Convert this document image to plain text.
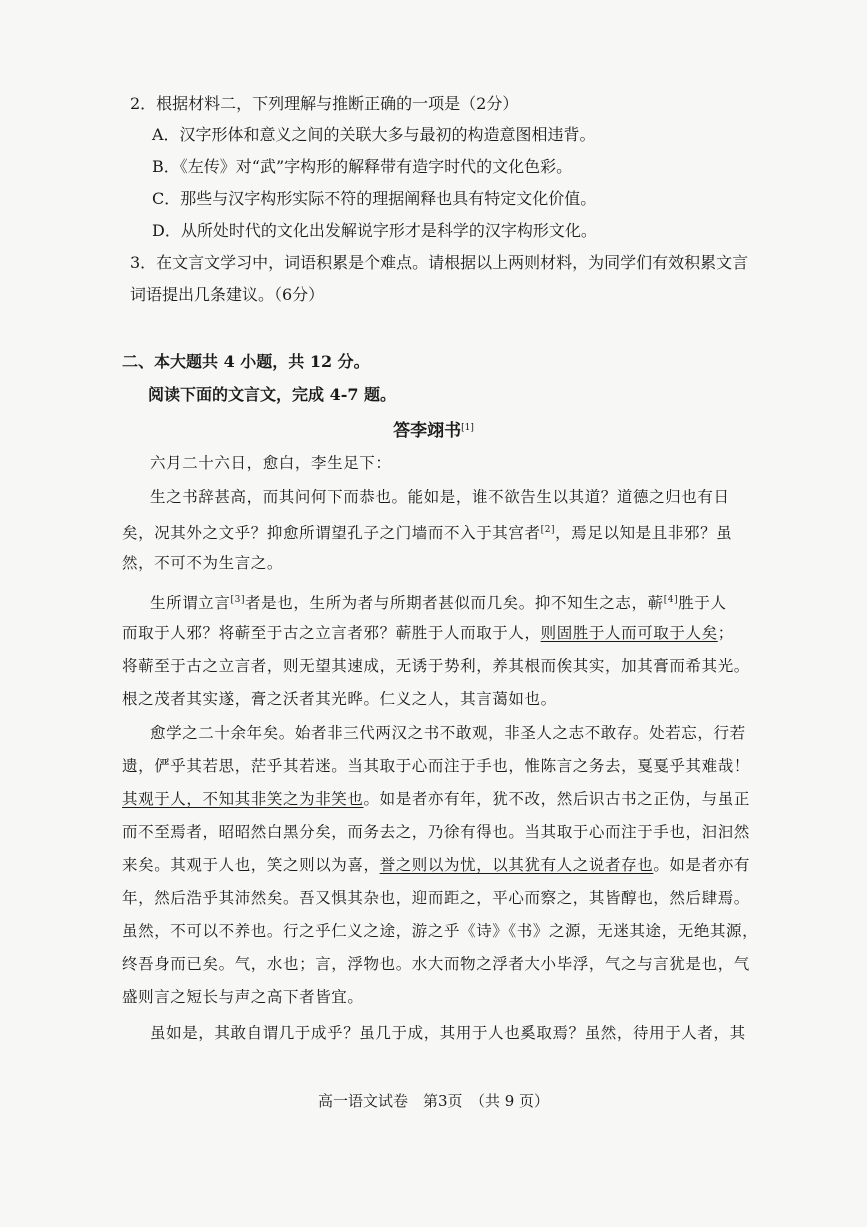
2．根据材料二，下列理解与推断正确的一项是（2分）
A．汉字形体和意义之间的关联大多与最初的构造意图相违背。
B．《左传》对“武”字构形的解释带有造字时代的文化色彩。
C．那些与汉字构形实际不符的理据阐释也具有特定文化价值。
D．从所处时代的文化出发解说字形才是科学的汉字构形文化。
3．在文言文学习中，词语积累是个难点。请根据以上两则材料，为同学们有效积累文言
词语提出几条建议。（6分）
二、本大题共 4 小题，共 12 分。
阅读下面的文言文，完成 4-7 题。
答李翊书[1]
六月二十六日，愈白，李生足下：
生之书辞甚高，而其问何下而恭也。能如是，谁不欲告生以其道？道德之归也有日
矣，况其外之文乎？抑愈所谓望孔子之门墙而不入于其宫者[2]，焉足以知是且非邪？虽
然，不可不为生言之。
生所谓立言[3]者是也，生所为者与所期者甚似而几矣。抑不知生之志，蕲[4]胜于人
而取于人邪？将蕲至于古之立言者邪？蕲胜于人而取于人，则固胜于人而可取于人矣；
将蕲至于古之立言者，则无望其速成，无诱于势利，养其根而俟其实，加其膏而希其光。
根之茂者其实遂，膏之沃者其光晔。仁义之人，其言蔼如也。
愈学之二十余年矣。始者非三代两汉之书不敢观，非圣人之志不敢存。处若忘，行若
遗，俨乎其若思，茫乎其若迷。当其取于心而注于手也，惟陈言之务去，戛戛乎其难哉！
其观于人，不知其非笑之为非笑也。如是者亦有年，犹不改，然后识古书之正伪，与虽正
而不至焉者，昭昭然白黑分矣，而务去之，乃徐有得也。当其取于心而注于手也，汩汩然
来矣。其观于人也，笑之则以为喜，誉之则以为忧，以其犹有人之说者存也。如是者亦有
年，然后浩乎其沛然矣。吾又惧其杂也，迎而距之，平心而察之，其皆醇也，然后肆焉。
虽然，不可以不养也。行之乎仁义之途，游之乎《诗》《书》之源，无迷其途，无绝其源，
终吾身而已矣。气，水也；言，浮物也。水大而物之浮者大小毕浮，气之与言犹是也，气
盛则言之短长与声之高下者皆宜。
虽如是，其敢自谓几于成乎？虽几于成，其用于人也奚取焉？虽然，待用于人者，其
高一语文试卷　第3页　（共 9 页）
